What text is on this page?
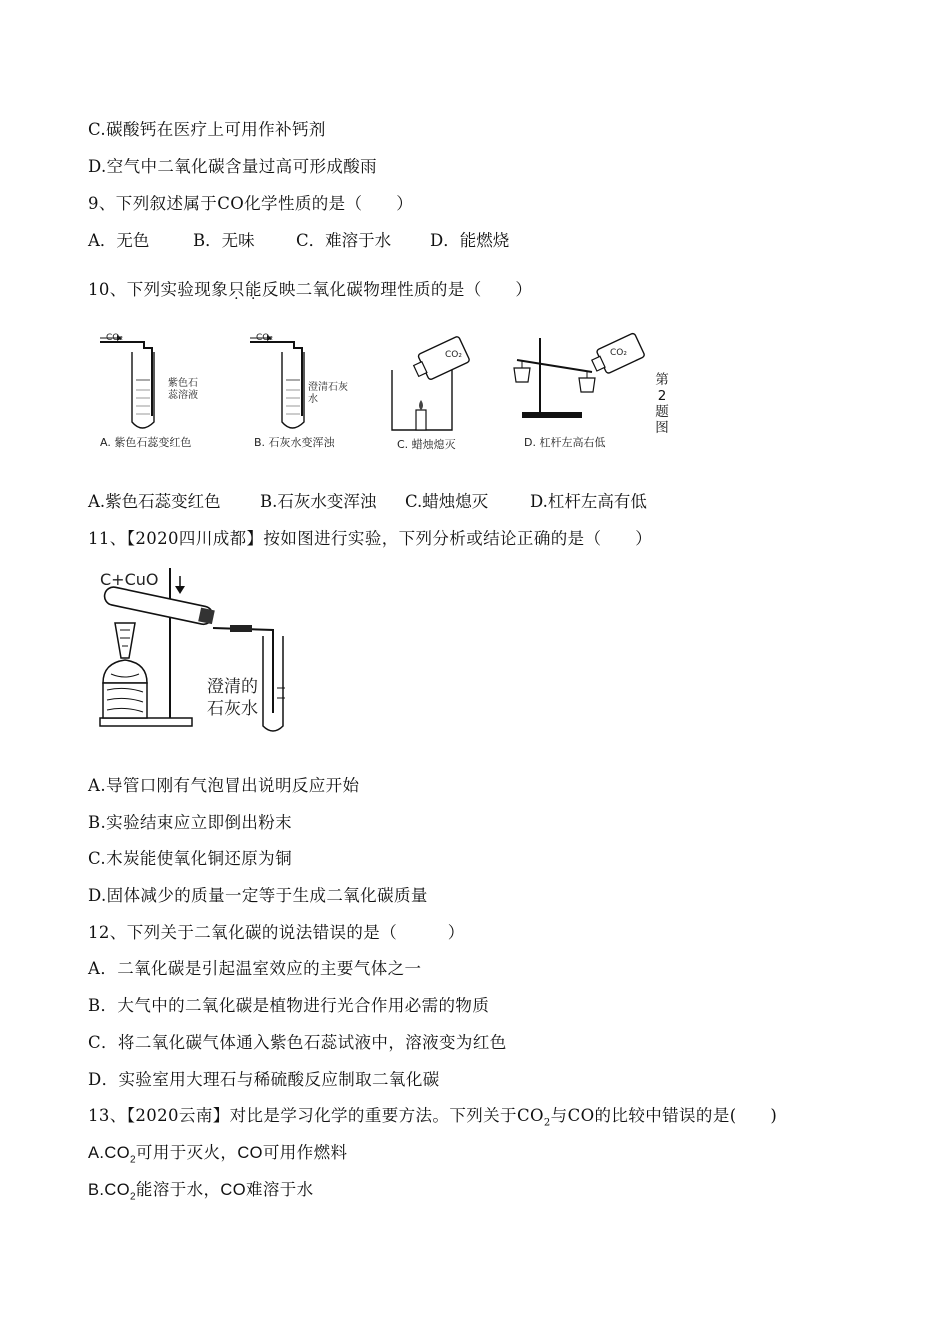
C.碳酸钙在医疗上可用作补钙剂
D.空气中二氧化碳含量过高可形成酸雨
9、下列叙述属于CO化学性质的是（　　）
A．无色	B．无味	C．难溶于水 D．能燃烧
10、下列实验现象只能反映二氧化碳物理性质的是（　　）
CO₂
紫色石蕊溶液
A. 紫色石蕊变红色
CO₂
澄清石灰水
B. 石灰水变浑浊
CO₂
C. 蜡烛熄灭
CO₂
D. 杠杆左高右低
第2题图
A.紫色石蕊变红色 B.石灰水变浑浊 C.蜡烛熄灭	D.杠杆左高有低
11、【2020四川成都】按如图进行实验，下列分析或结论正确的是（　　）
C+CuO
澄清的
石灰水
A.导管口刚有气泡冒出说明反应开始
B.实验结束应立即倒出粉末
C.木炭能使氧化铜还原为铜
D.固体减少的质量一定等于生成二氧化碳质量
12、下列关于二氧化碳的说法错误的是（　　　）
A．二氧化碳是引起温室效应的主要气体之一
B．大气中的二氧化碳是植物进行光合作用必需的物质
C．将二氧化碳气体通入紫色石蕊试液中，溶液变为红色
D．实验室用大理石与稀硫酸反应制取二氧化碳
13、【2020云南】对比是学习化学的重要方法。下列关于$CO_2$与CO的比较中错误的是(　　)
$A.CO_2$可用于灭火，CO可用作燃料
$B.CO_2$能溶于水，CO难溶于水
